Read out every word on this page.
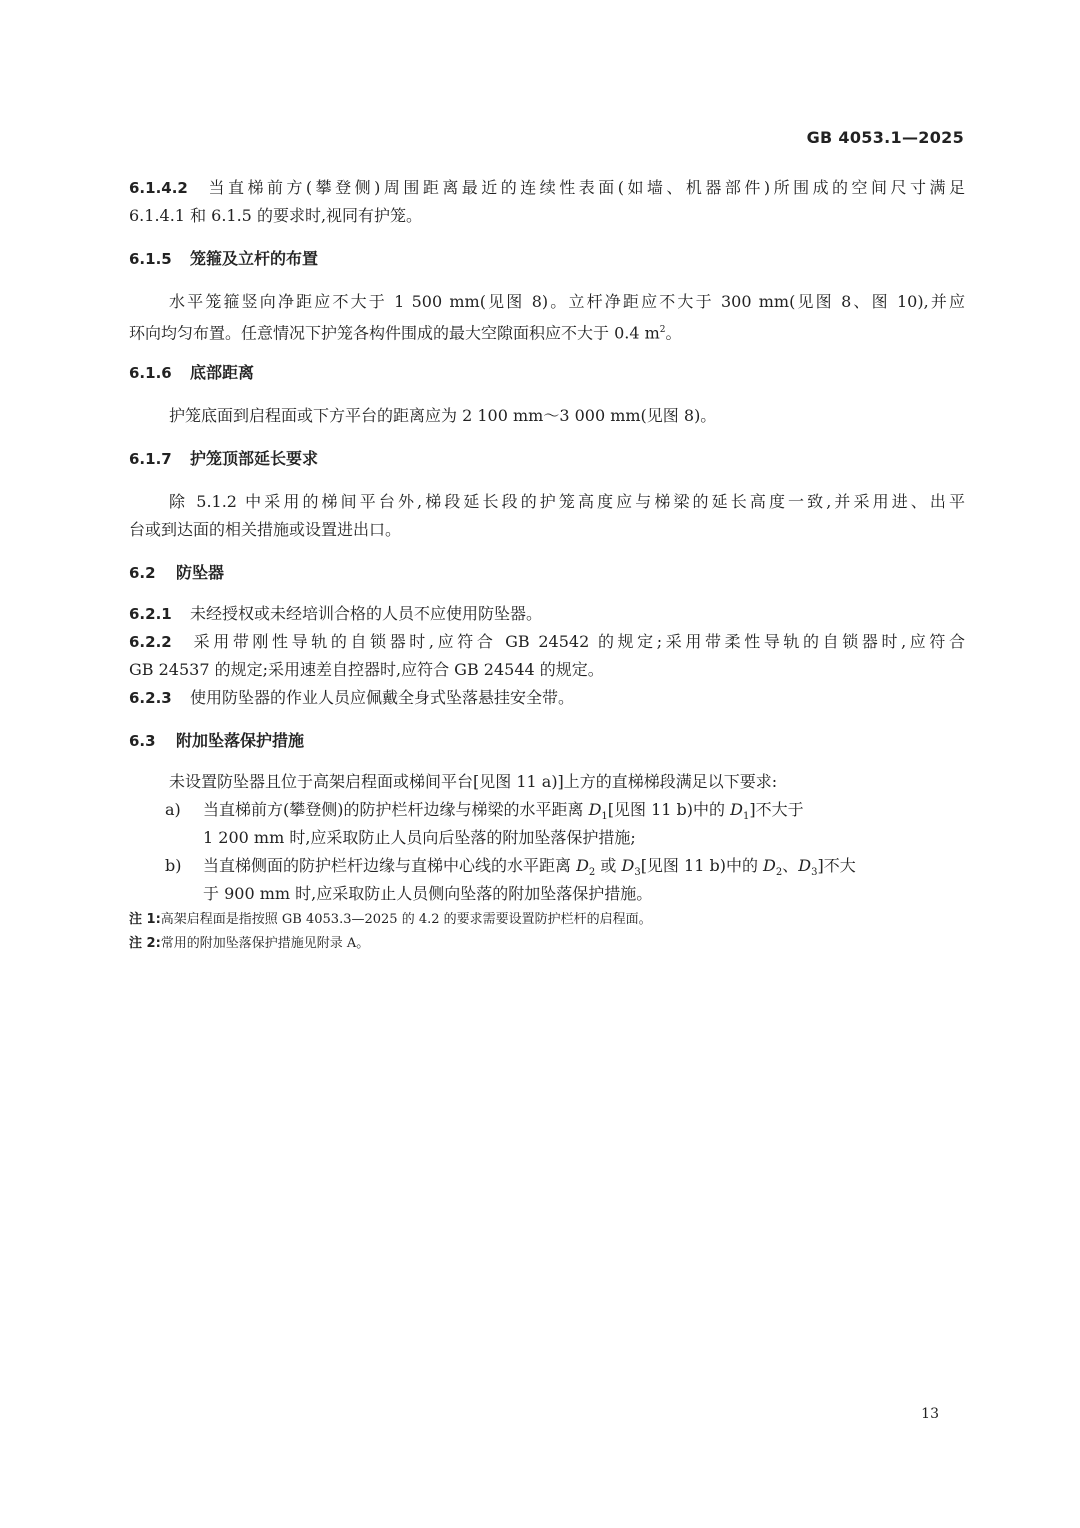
GB 4053.1—2025
6.1.4.2 当直梯前方(攀登侧)周围距离最近的连续性表面(如墙、机器部件)所围成的空间尺寸满足
6.1.4.1 和 6.1.5 的要求时,视同有护笼。
6.1.5 笼箍及立杆的布置
水平笼箍竖向净距应不大于 1 500 mm(见图 8)。立杆净距应不大于 300 mm(见图 8、图 10),并应
环向均匀布置。任意情况下护笼各构件围成的最大空隙面积应不大于 0.4 $m^2$。
6.1.6 底部距离
护笼底面到启程面或下方平台的距离应为 2 100 mm～3 000 mm(见图 8)。
6.1.7 护笼顶部延长要求
除 5.1.2 中采用的梯间平台外,梯段延长段的护笼高度应与梯梁的延长高度一致,并采用进、出平
台或到达面的相关措施或设置进出口。
6.2 防坠器
6.2.1 未经授权或未经培训合格的人员不应使用防坠器。
6.2.2 采用带刚性导轨的自锁器时,应符合 GB 24542 的规定;采用带柔性导轨的自锁器时,应符合
GB 24537 的规定;采用速差自控器时,应符合 GB 24544 的规定。
6.2.3 使用防坠器的作业人员应佩戴全身式坠落悬挂安全带。
6.3 附加坠落保护措施
未设置防坠器且位于高架启程面或梯间平台[见图 11 a)]上方的直梯梯段满足以下要求:
a) 当直梯前方(攀登侧)的防护栏杆边缘与梯梁的水平距离 $D_1$[见图 11 b)中的 $D_1$]不大于
1 200 mm 时,应采取防止人员向后坠落的附加坠落保护措施;
b) 当直梯侧面的防护栏杆边缘与直梯中心线的水平距离 $D_2$ 或 $D_3$[见图 11 b)中的 $D_2$、$D_3$]不大
于 900 mm 时,应采取防止人员侧向坠落的附加坠落保护措施。
注 1:高架启程面是指按照 GB 4053.3—2025 的 4.2 的要求需要设置防护栏杆的启程面。
注 2:常用的附加坠落保护措施见附录 A。
13
